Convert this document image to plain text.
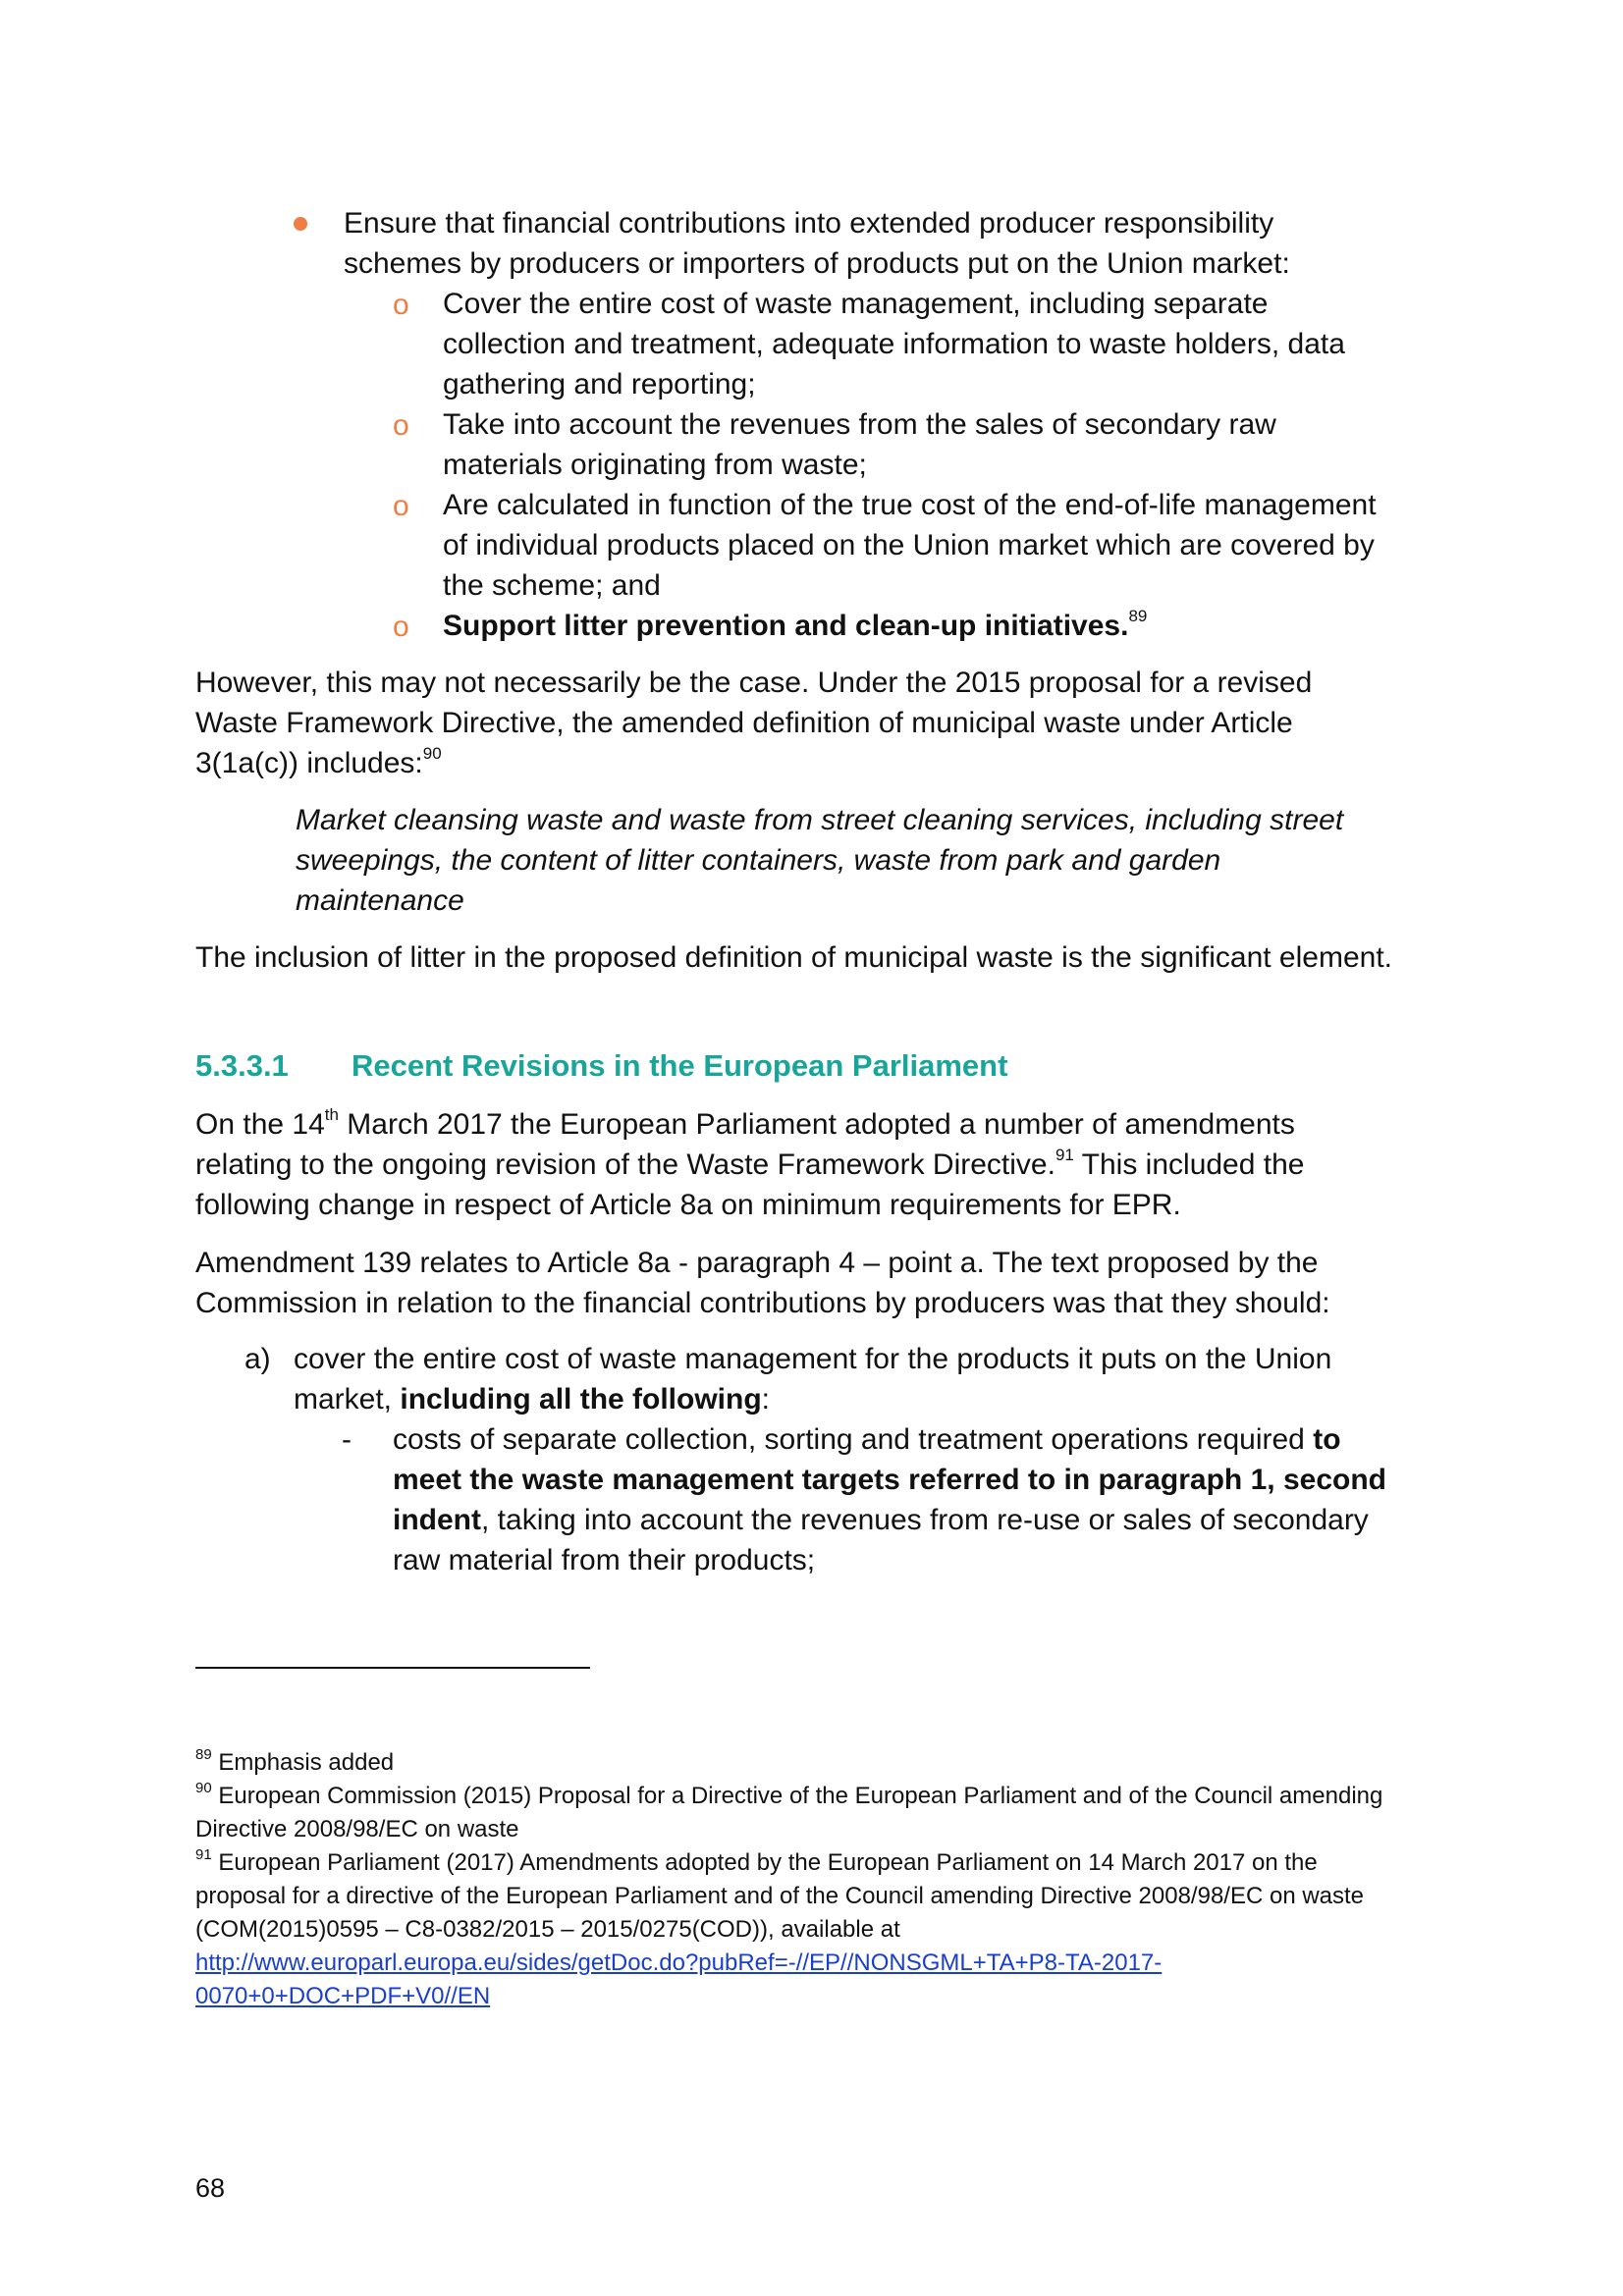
Ensure that financial contributions into extended producer responsibility schemes by producers or importers of products put on the Union market:
o Cover the entire cost of waste management, including separate collection and treatment, adequate information to waste holders, data gathering and reporting;
o Take into account the revenues from the sales of secondary raw materials originating from waste;
o Are calculated in function of the true cost of the end-of-life management of individual products placed on the Union market which are covered by the scheme; and
o Support litter prevention and clean-up initiatives.$^{89}$
However, this may not necessarily be the case. Under the 2015 proposal for a revised Waste Framework Directive, the amended definition of municipal waste under Article 3(1a(c)) includes:$^{90}$
Market cleansing waste and waste from street cleaning services, including street sweepings, the content of litter containers, waste from park and garden maintenance
The inclusion of litter in the proposed definition of municipal waste is the significant element.
5.3.3.1 Recent Revisions in the European Parliament
On the 14th March 2017 the European Parliament adopted a number of amendments relating to the ongoing revision of the Waste Framework Directive.$^{91}$ This included the following change in respect of Article 8a on minimum requirements for EPR.
Amendment 139 relates to Article 8a - paragraph 4 – point a. The text proposed by the Commission in relation to the financial contributions by producers was that they should:
a) cover the entire cost of waste management for the products it puts on the Union market, including all the following:
-	costs of separate collection, sorting and treatment operations required to meet the waste management targets referred to in paragraph 1, second indent, taking into account the revenues from re-use or sales of secondary raw material from their products;
$^{89}$ Emphasis added
$^{90}$ European Commission (2015) Proposal for a Directive of the European Parliament and of the Council amending Directive 2008/98/EC on waste
$^{91}$ European Parliament (2017) Amendments adopted by the European Parliament on 14 March 2017 on the proposal for a directive of the European Parliament and of the Council amending Directive 2008/98/EC on waste (COM(2015)0595 – C8-0382/2015 – 2015/0275(COD)), available at http://www.europarl.europa.eu/sides/getDoc.do?pubRef=-//EP//NONSGML+TA+P8-TA-2017-0070+0+DOC+PDF+V0//EN
68
